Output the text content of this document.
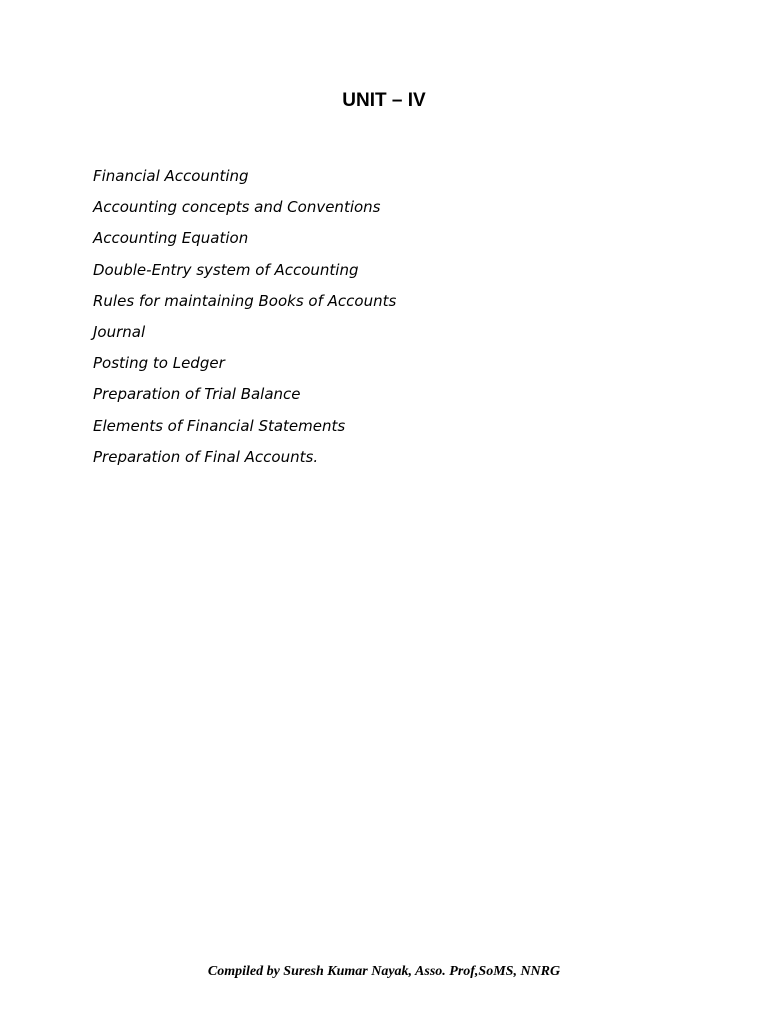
UNIT – IV
Financial Accounting
Accounting concepts and Conventions
Accounting Equation
Double-Entry system of Accounting
Rules for maintaining Books of Accounts
Journal
Posting to Ledger
Preparation of Trial Balance
Elements of Financial Statements
Preparation of Final Accounts.
Compiled by Suresh Kumar Nayak, Asso. Prof,SoMS, NNRG
